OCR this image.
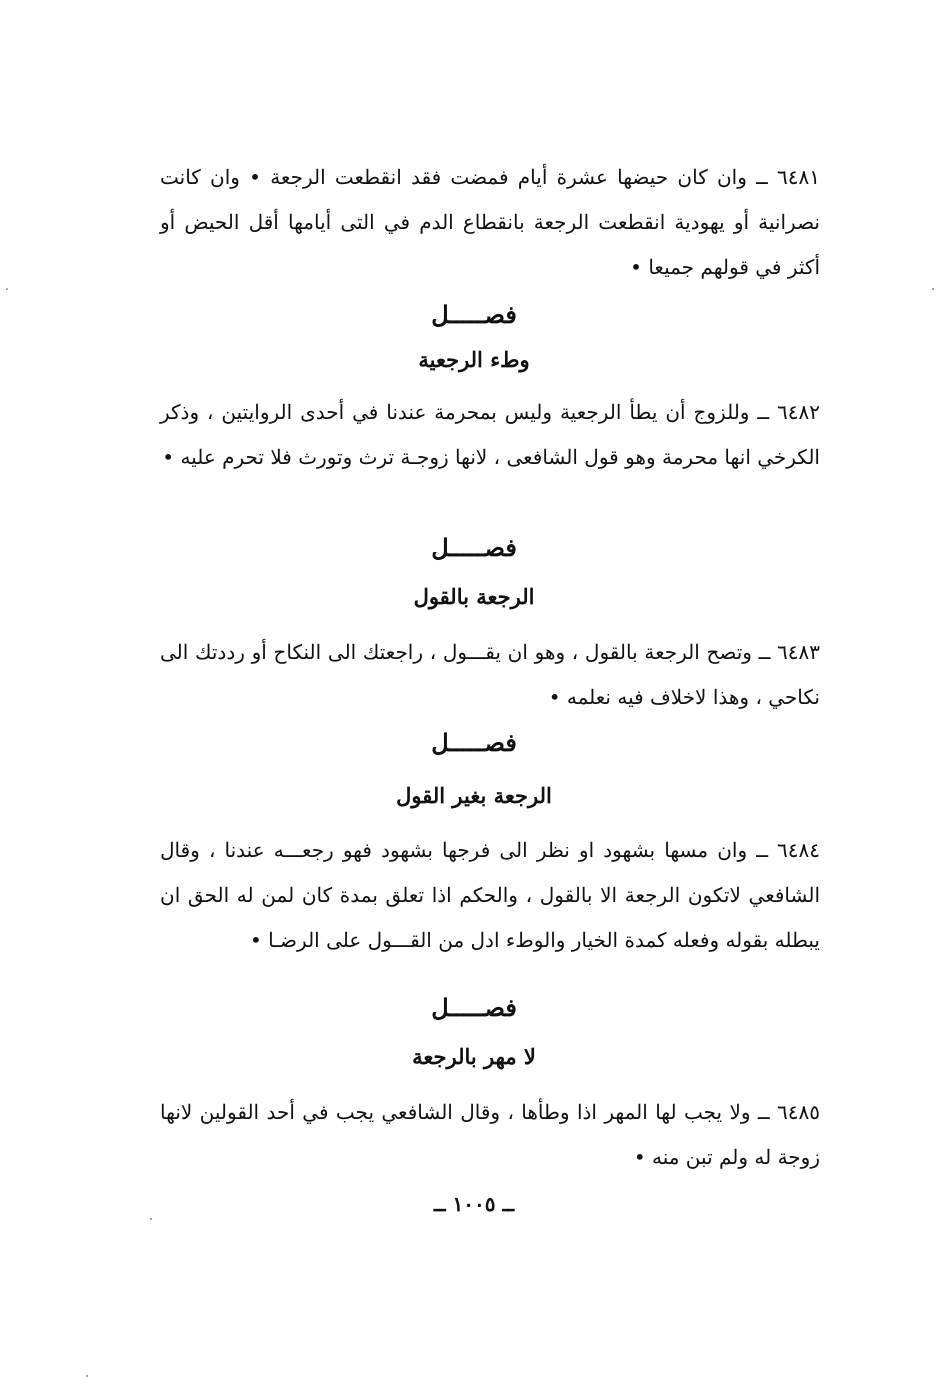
٦٤٨١ ــ وان كان حيضها عشرة أيام فمضت فقد انقطعت الرجعة • وان كانت نصرانية أو يهودية انقطعت الرجعة بانقطاع الدم في التى أيامها أقل الحيض أو أكثر في قولهم جميعا •
فصـــــل
وطء الرجعية
٦٤٨٢ ــ وللزوج أن يطأ الرجعية وليس بمحرمة عندنا في أحدى الروايتين ، وذكر الكرخي انها محرمة وهو قول الشافعى ، لانها زوجـة ترث وتورث فلا تحرم عليه •
فصـــــل
الرجعة بالقول
٦٤٨٣ ــ وتصح الرجعة بالقول ، وهو ان يقـــول ، راجعتك الى النكاح أو رددتك الى نكاحي ، وهذا لاخلاف فيه نعلمه •
فصـــــل
الرجعة بغير القول
٦٤٨٤ ــ وان مسها بشهود او نظر الى فرجها بشهود فهو رجعـــه عندنا ، وقال الشافعي لاتكون الرجعة الا بالقول ، والحكم اذا تعلق بمدة كان لمن له الحق ان يبطله بقوله وفعله كمدة الخيار والوطء ادل من القـــول على الرضـا •
فصـــــل
لا مهر بالرجعة
٦٤٨٥ ــ ولا يجب لها المهر اذا وطأها ، وقال الشافعي يجب في أحد القولين لانها زوجة له ولم تبن منه •
ــ ١٠٠٥ ــ
